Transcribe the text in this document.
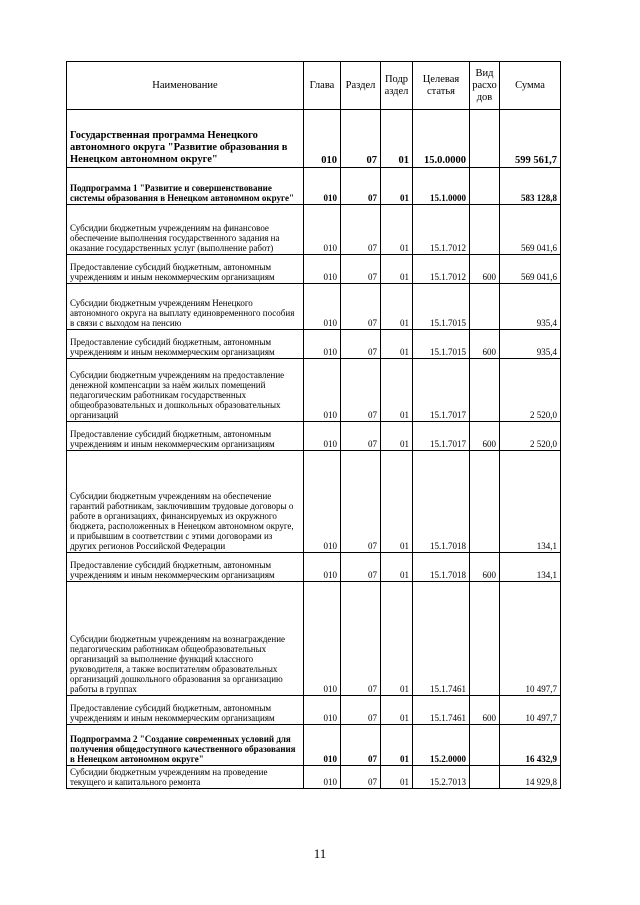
Наименование	Глава	Раздел	Подр аздел	Целевая статья	Вид расхо дов	Сумма
Государственная программа Ненецкого автономного округа "Развитие образования в Ненецком автономном округе"	010	07	01	15.0.0000		599 561,7
Подпрограмма 1 "Развитие и совершенствование системы образования в Ненецком автономном округе"	010	07	01	15.1.0000		583 128,8
Субсидии бюджетным учреждениям на финансовое обеспечение выполнения государственного задания на оказание государственных услуг (выполнение работ)	010	07	01	15.1.7012		569 041,6
Предоставление субсидий бюджетным, автономным учреждениям и иным некоммерческим организациям	010	07	01	15.1.7012	600	569 041,6
Субсидии бюджетным учреждениям Ненецкого автономного округа на выплату единовременного пособия в связи с выходом на пенсию	010	07	01	15.1.7015		935,4
Предоставление субсидий бюджетным, автономным учреждениям и иным некоммерческим организациям	010	07	01	15.1.7015	600	935,4
Субсидии бюджетным учреждениям на предоставление денежной компенсации за наём жилых помещений педагогическим работникам государственных общеобразовательных и дошкольных образовательных организаций	010	07	01	15.1.7017		2 520,0
Предоставление субсидий бюджетным, автономным учреждениям и иным некоммерческим организациям	010	07	01	15.1.7017	600	2 520,0
Субсидии бюджетным учреждениям на обеспечение гарантий работникам, заключившим трудовые договоры о работе в организациях, финансируемых из окружного бюджета, расположенных в Ненецком автономном округе, и прибывшим в соответствии с этими договорами из других регионов Российской Федерации	010	07	01	15.1.7018		134,1
Предоставление субсидий бюджетным, автономным учреждениям и иным некоммерческим организациям	010	07	01	15.1.7018	600	134,1
Субсидии бюджетным учреждениям на вознаграждение педагогическим работникам общеобразовательных организаций за выполнение функций классного руководителя, а также воспитателям образовательных организаций дошкольного образования за организацию работы в группах	010	07	01	15.1.7461		10 497,7
Предоставление субсидий бюджетным, автономным учреждениям и иным некоммерческим организациям	010	07	01	15.1.7461	600	10 497,7
Подпрограмма 2 "Создание современных условий для получения общедоступного качественного образования в Ненецком автономном округе"	010	07	01	15.2.0000		16 432,9
Субсидии бюджетным учреждениям на проведение текущего и капитального ремонта	010	07	01	15.2.7013		14 929,8
11
